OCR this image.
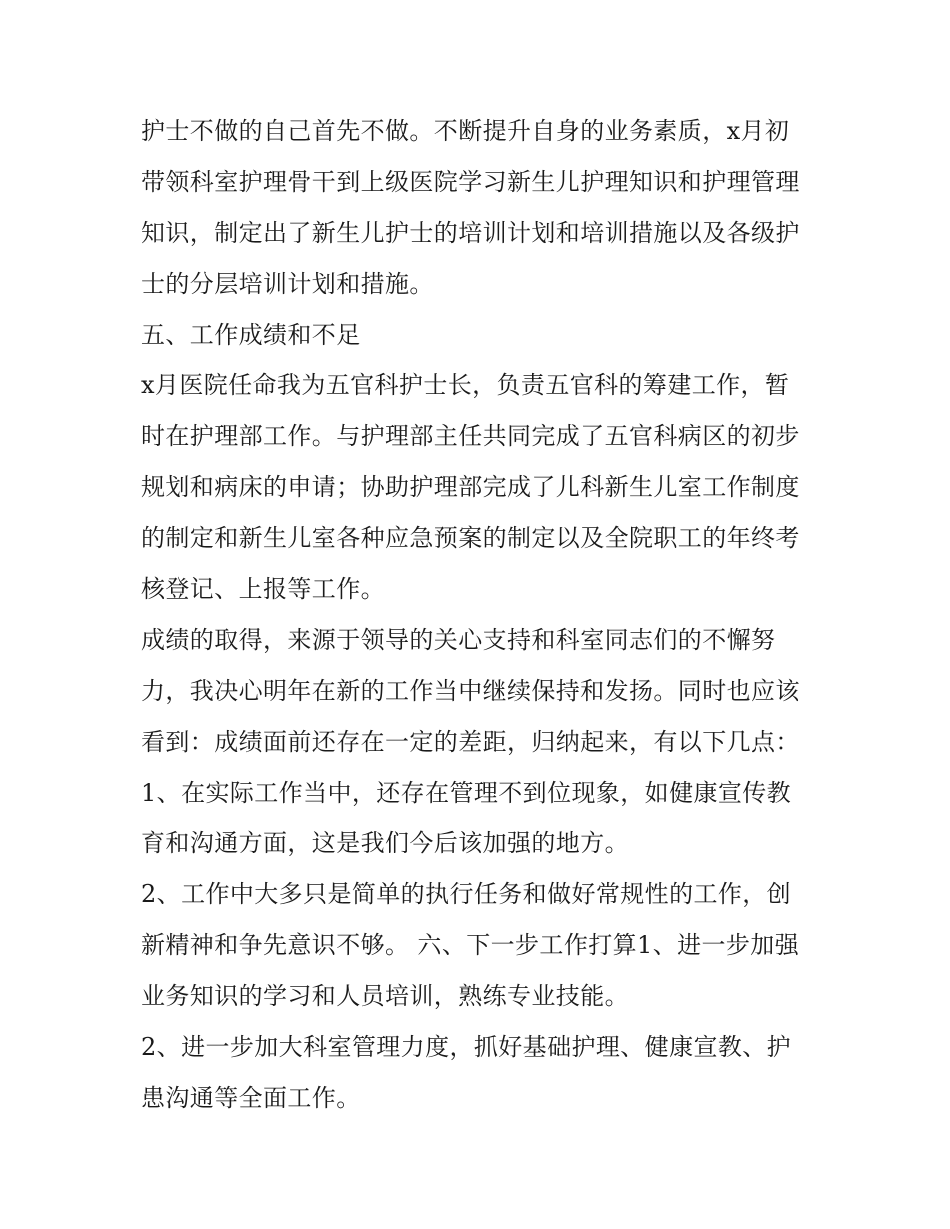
护士不做的自己首先不做。不断提升自身的业务素质，x月初
带领科室护理骨干到上级医院学习新生儿护理知识和护理管理
知识，制定出了新生儿护士的培训计划和培训措施以及各级护
士的分层培训计划和措施。
五、工作成绩和不足
x月医院任命我为五官科护士长，负责五官科的筹建工作，暂
时在护理部工作。与护理部主任共同完成了五官科病区的初步
规划和病床的申请；协助护理部完成了儿科新生儿室工作制度
的制定和新生儿室各种应急预案的制定以及全院职工的年终考
核登记、上报等工作。
成绩的取得，来源于领导的关心支持和科室同志们的不懈努
力，我决心明年在新的工作当中继续保持和发扬。同时也应该
看到：成绩面前还存在一定的差距，归纳起来，有以下几点：
1、在实际工作当中，还存在管理不到位现象，如健康宣传教
育和沟通方面，这是我们今后该加强的地方。
2、工作中大多只是简单的执行任务和做好常规性的工作，创
新精神和争先意识不够。 六、下一步工作打算1、进一步加强
业务知识的学习和人员培训，熟练专业技能。
2、进一步加大科室管理力度，抓好基础护理、健康宣教、护
患沟通等全面工作。
